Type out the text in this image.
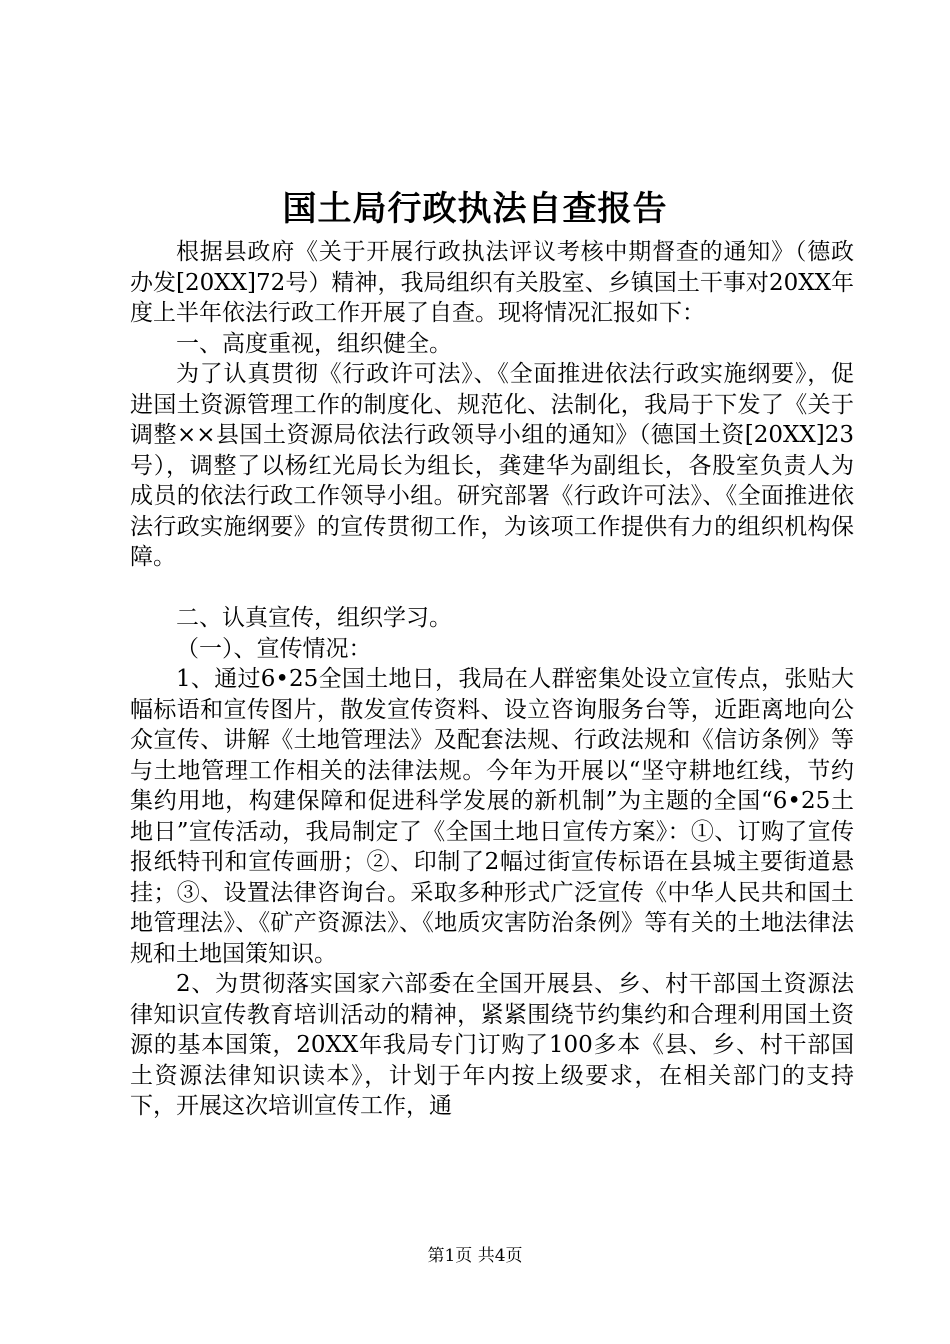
国土局行政执法自查报告

根据县政府《关于开展行政执法评议考核中期督查的通知》（德政办发[20XX]72号）精神，我局组织有关股室、乡镇国土干事对20XX年度上半年依法行政工作开展了自查。现将情况汇报如下：

一、高度重视，组织健全。

为了认真贯彻《行政许可法》、《全面推进依法行政实施纲要》，促进国土资源管理工作的制度化、规范化、法制化，我局于下发了《关于调整××县国土资源局依法行政领导小组的通知》（德国土资[20XX]23号），调整了以杨红光局长为组长，龚建华为副组长，各股室负责人为成员的依法行政工作领导小组。研究部署《行政许可法》、《全面推进依法行政实施纲要》的宣传贯彻工作，为该项工作提供有力的组织机构保障。

二、认真宣传，组织学习。

（一）、宣传情况：

1、通过6•25全国土地日，我局在人群密集处设立宣传点，张贴大幅标语和宣传图片，散发宣传资料、设立咨询服务台等，近距离地向公众宣传、讲解《土地管理法》及配套法规、行政法规和《信访条例》等与土地管理工作相关的法律法规。今年为开展以“坚守耕地红线，节约集约用地，构建保障和促进科学发展的新机制”为主题的全国“6•25土地日”宣传活动，我局制定了《全国土地日宣传方案》：①、订购了宣传报纸特刊和宣传画册；②、印制了2幅过街宣传标语在县城主要街道悬挂；③、设置法律咨询台。采取多种形式广泛宣传《中华人民共和国土地管理法》、《矿产资源法》、《地质灾害防治条例》等有关的土地法律法规和土地国策知识。

2、为贯彻落实国家六部委在全国开展县、乡、村干部国土资源法律知识宣传教育培训活动的精神，紧紧围绕节约集约和合理利用国土资源的基本国策，20XX年我局专门订购了100多本《县、乡、村干部国土资源法律知识读本》，计划于年内按上级要求，在相关部门的支持下，开展这次培训宣传工作，通

第1页 共4页
